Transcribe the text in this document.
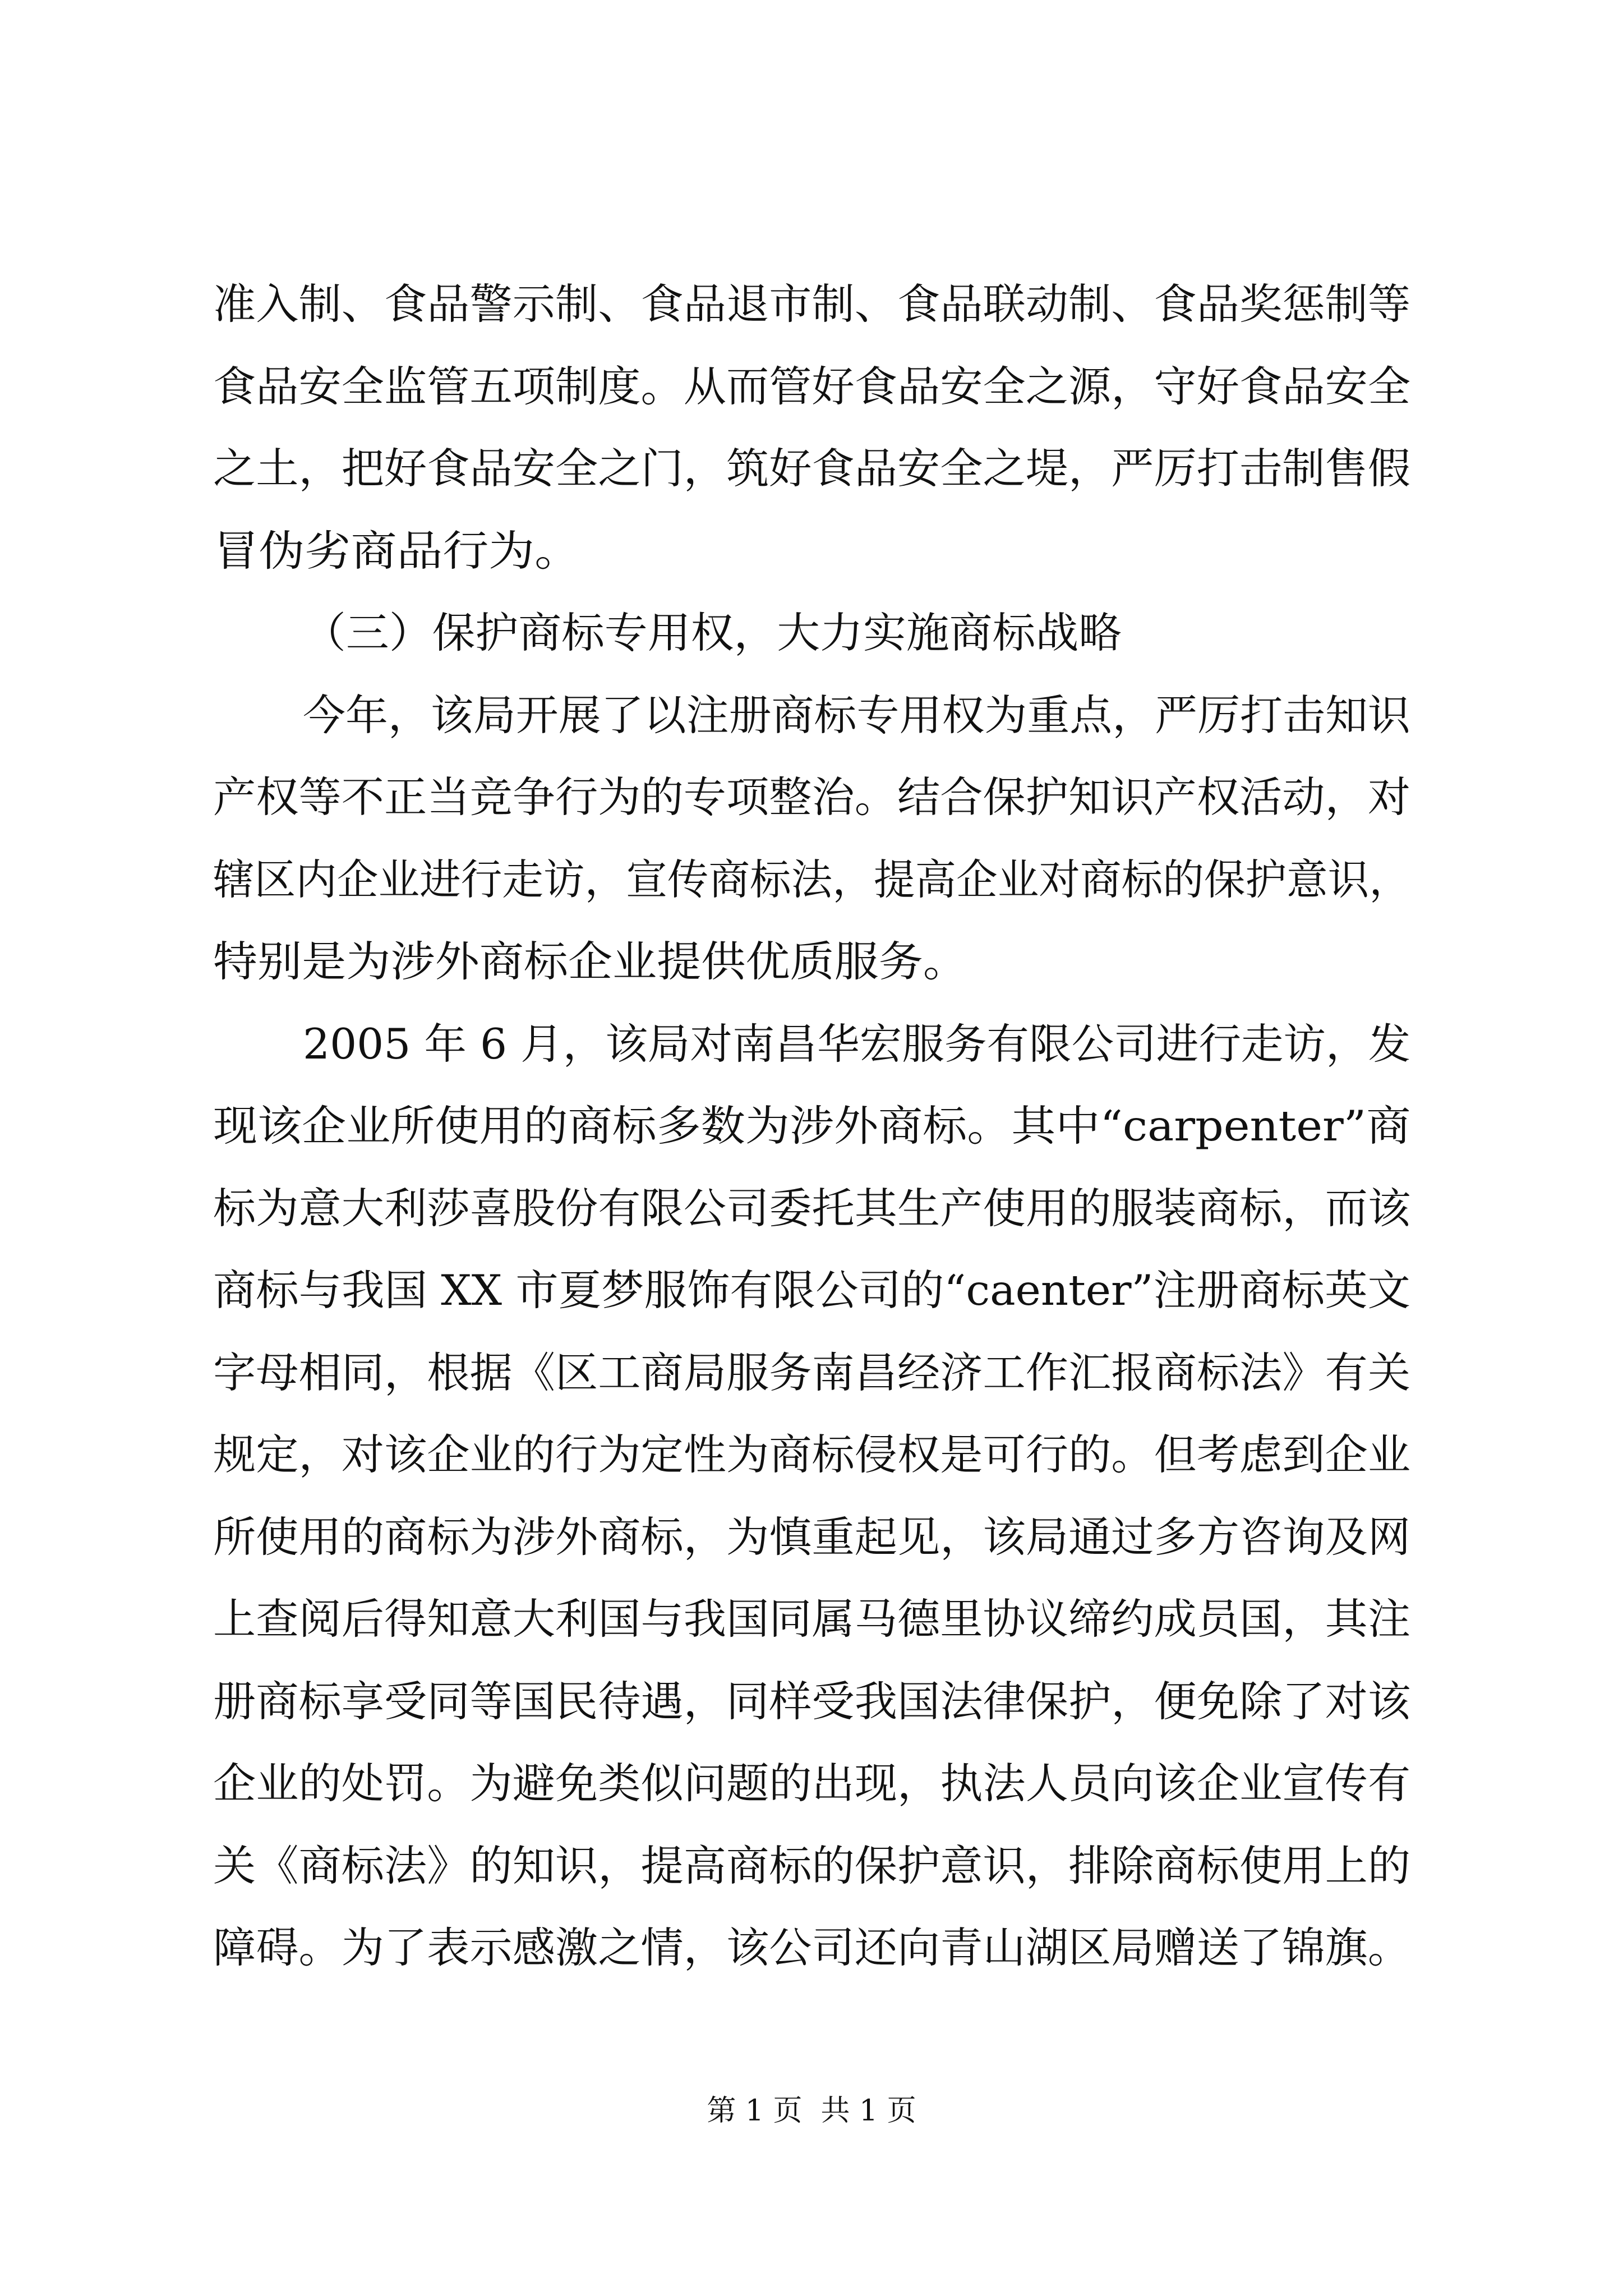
准入制、食品警示制、食品退市制、食品联动制、食品奖惩制等
食品安全监管五项制度。从而管好食品安全之源，守好食品安全
之土，把好食品安全之门，筑好食品安全之堤，严厉打击制售假
冒伪劣商品行为。
（三）保护商标专用权，大力实施商标战略
今年，该局开展了以注册商标专用权为重点，严厉打击知识
产权等不正当竞争行为的专项整治。结合保护知识产权活动，对
辖区内企业进行走访，宣传商标法，提高企业对商标的保护意识，
特别是为涉外商标企业提供优质服务。
2005 年 6 月，该局对南昌华宏服务有限公司进行走访，发
现该企业所使用的商标多数为涉外商标。其中“carpenter”商
标为意大利莎喜股份有限公司委托其生产使用的服装商标，而该
商标与我国 XX 市夏梦服饰有限公司的“caenter”注册商标英文
字母相同，根据《区工商局服务南昌经济工作汇报商标法》有关
规定，对该企业的行为定性为商标侵权是可行的。但考虑到企业
所使用的商标为涉外商标，为慎重起见，该局通过多方咨询及网
上查阅后得知意大利国与我国同属马德里协议缔约成员国，其注
册商标享受同等国民待遇，同样受我国法律保护，便免除了对该
企业的处罚。为避免类似问题的出现，执法人员向该企业宣传有
关《商标法》的知识，提高商标的保护意识，排除商标使用上的
障碍。为了表示感激之情，该公司还向青山湖区局赠送了锦旗。
第 1 页  共 1 页
